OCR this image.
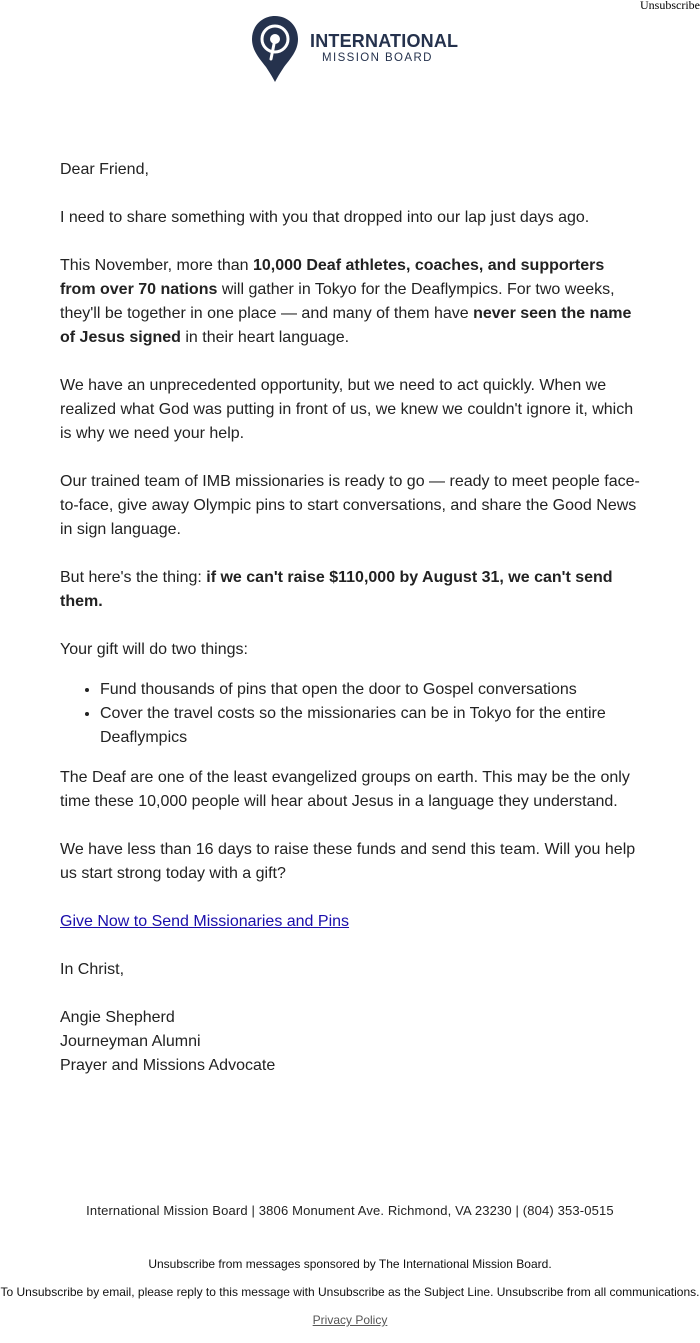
Unsubscribe
INTERNATIONAL
MISSION BOARD

Dear Friend,

I need to share something with you that dropped into our lap just days ago.

This November, more than 10,000 Deaf athletes, coaches, and supporters from over 70 nations will gather in Tokyo for the Deaflympics. For two weeks, they'll be together in one place — and many of them have never seen the name of Jesus signed in their heart language.

We have an unprecedented opportunity, but we need to act quickly. When we realized what God was putting in front of us, we knew we couldn't ignore it, which is why we need your help.

Our trained team of IMB missionaries is ready to go — ready to meet people face-to-face, give away Olympic pins to start conversations, and share the Good News in sign language.

But here's the thing: if we can't raise $110,000 by August 31, we can't send them.

Your gift will do two things:

• Fund thousands of pins that open the door to Gospel conversations
• Cover the travel costs so the missionaries can be in Tokyo for the entire Deaflympics

The Deaf are one of the least evangelized groups on earth. This may be the only time these 10,000 people will hear about Jesus in a language they understand.

We have less than 16 days to raise these funds and send this team. Will you help us start strong today with a gift?

Give Now to Send Missionaries and Pins

In Christ,

Angie Shepherd
Journeyman Alumni
Prayer and Missions Advocate

International Mission Board | 3806 Monument Ave. Richmond, VA 23230 | (804) 353-0515
Unsubscribe from messages sponsored by The International Mission Board.
To Unsubscribe by email, please reply to this message with Unsubscribe as the Subject Line. Unsubscribe from all communications.
Privacy Policy
